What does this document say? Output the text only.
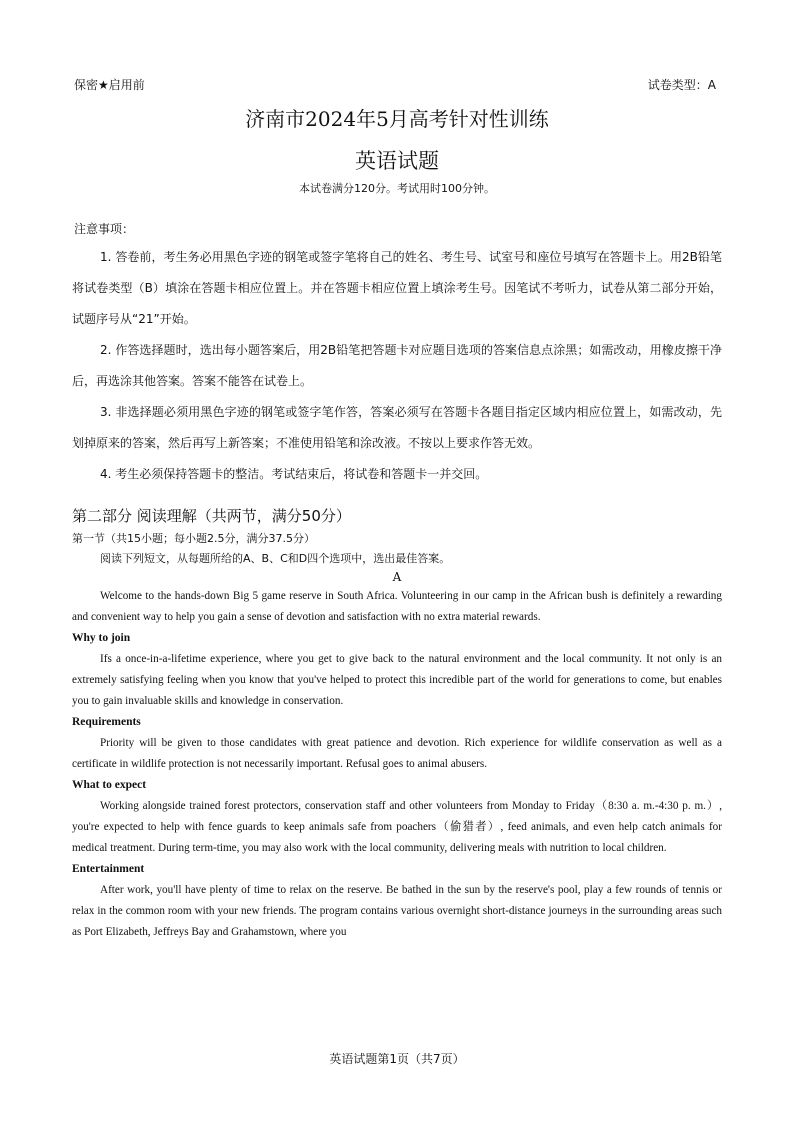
保密★启用前	试卷类型：A
济南市2024年5月高考针对性训练
英语试题
本试卷满分120分。考试用时100分钟。
注意事项：

1. 答卷前，考生务必用黑色字迹的钢笔或签字笔将自己的姓名、考生号、试室号和座位号填写在答题卡上。用2B铅笔将试卷类型（B）填涂在答题卡相应位置上。并在答题卡相应位置上填涂考生号。因笔试不考听力，试卷从第二部分开始，试题序号从“21”开始。

2. 作答选择题时，选出每小题答案后，用2B铅笔把答题卡对应题目选项的答案信息点涂黑；如需改动，用橡皮擦干净后，再选涂其他答案。答案不能答在试卷上。

3. 非选择题必须用黑色字迹的钢笔或签字笔作答，答案必须写在答题卡各题目指定区域内相应位置上，如需改动，先划掉原来的答案，然后再写上新答案；不准使用铅笔和涂改液。不按以上要求作答无效。

4. 考生必须保持答题卡的整洁。考试结束后，将试卷和答题卡一并交回。

第二部分 阅读理解（共两节，满分50分）
第一节（共15小题；每小题2.5分，满分37.5分）
阅读下列短文，从每题所给的A、B、C和D四个选项中，选出最佳答案。
A

Welcome to the hands-down Big 5 game reserve in South Africa. Volunteering in our camp in the African bush is definitely a rewarding and convenient way to help you gain a sense of devotion and satisfaction with no extra material rewards.

Why to join

Ifs a once-in-a-lifetime experience, where you get to give back to the natural environment and the local community. It not only is an extremely satisfying feeling when you know that you've helped to protect this incredible part of the world for generations to come, but enables you to gain invaluable skills and knowledge in conservation.

Requirements

Priority will be given to those candidates with great patience and devotion. Rich experience for wildlife conservation as well as a certificate in wildlife protection is not necessarily important. Refusal goes to animal abusers.

What to expect

Working alongside trained forest protectors, conservation staff and other volunteers from Monday to Friday（8:30 a. m.-4:30 p. m.）, you're expected to help with fence guards to keep animals safe from poachers（偷猎者）, feed animals, and even help catch animals for medical treatment. During term-time, you may also work with the local community, delivering meals with nutrition to local children.

Entertainment

After work, you'll have plenty of time to relax on the reserve. Be bathed in the sun by the reserve's pool, play a few rounds of tennis or relax in the common room with your new friends. The program contains various overnight short-distance journeys in the surrounding areas such as Port Elizabeth, Jeffreys Bay and Grahamstown, where you

英语试题第1页（共7页）
